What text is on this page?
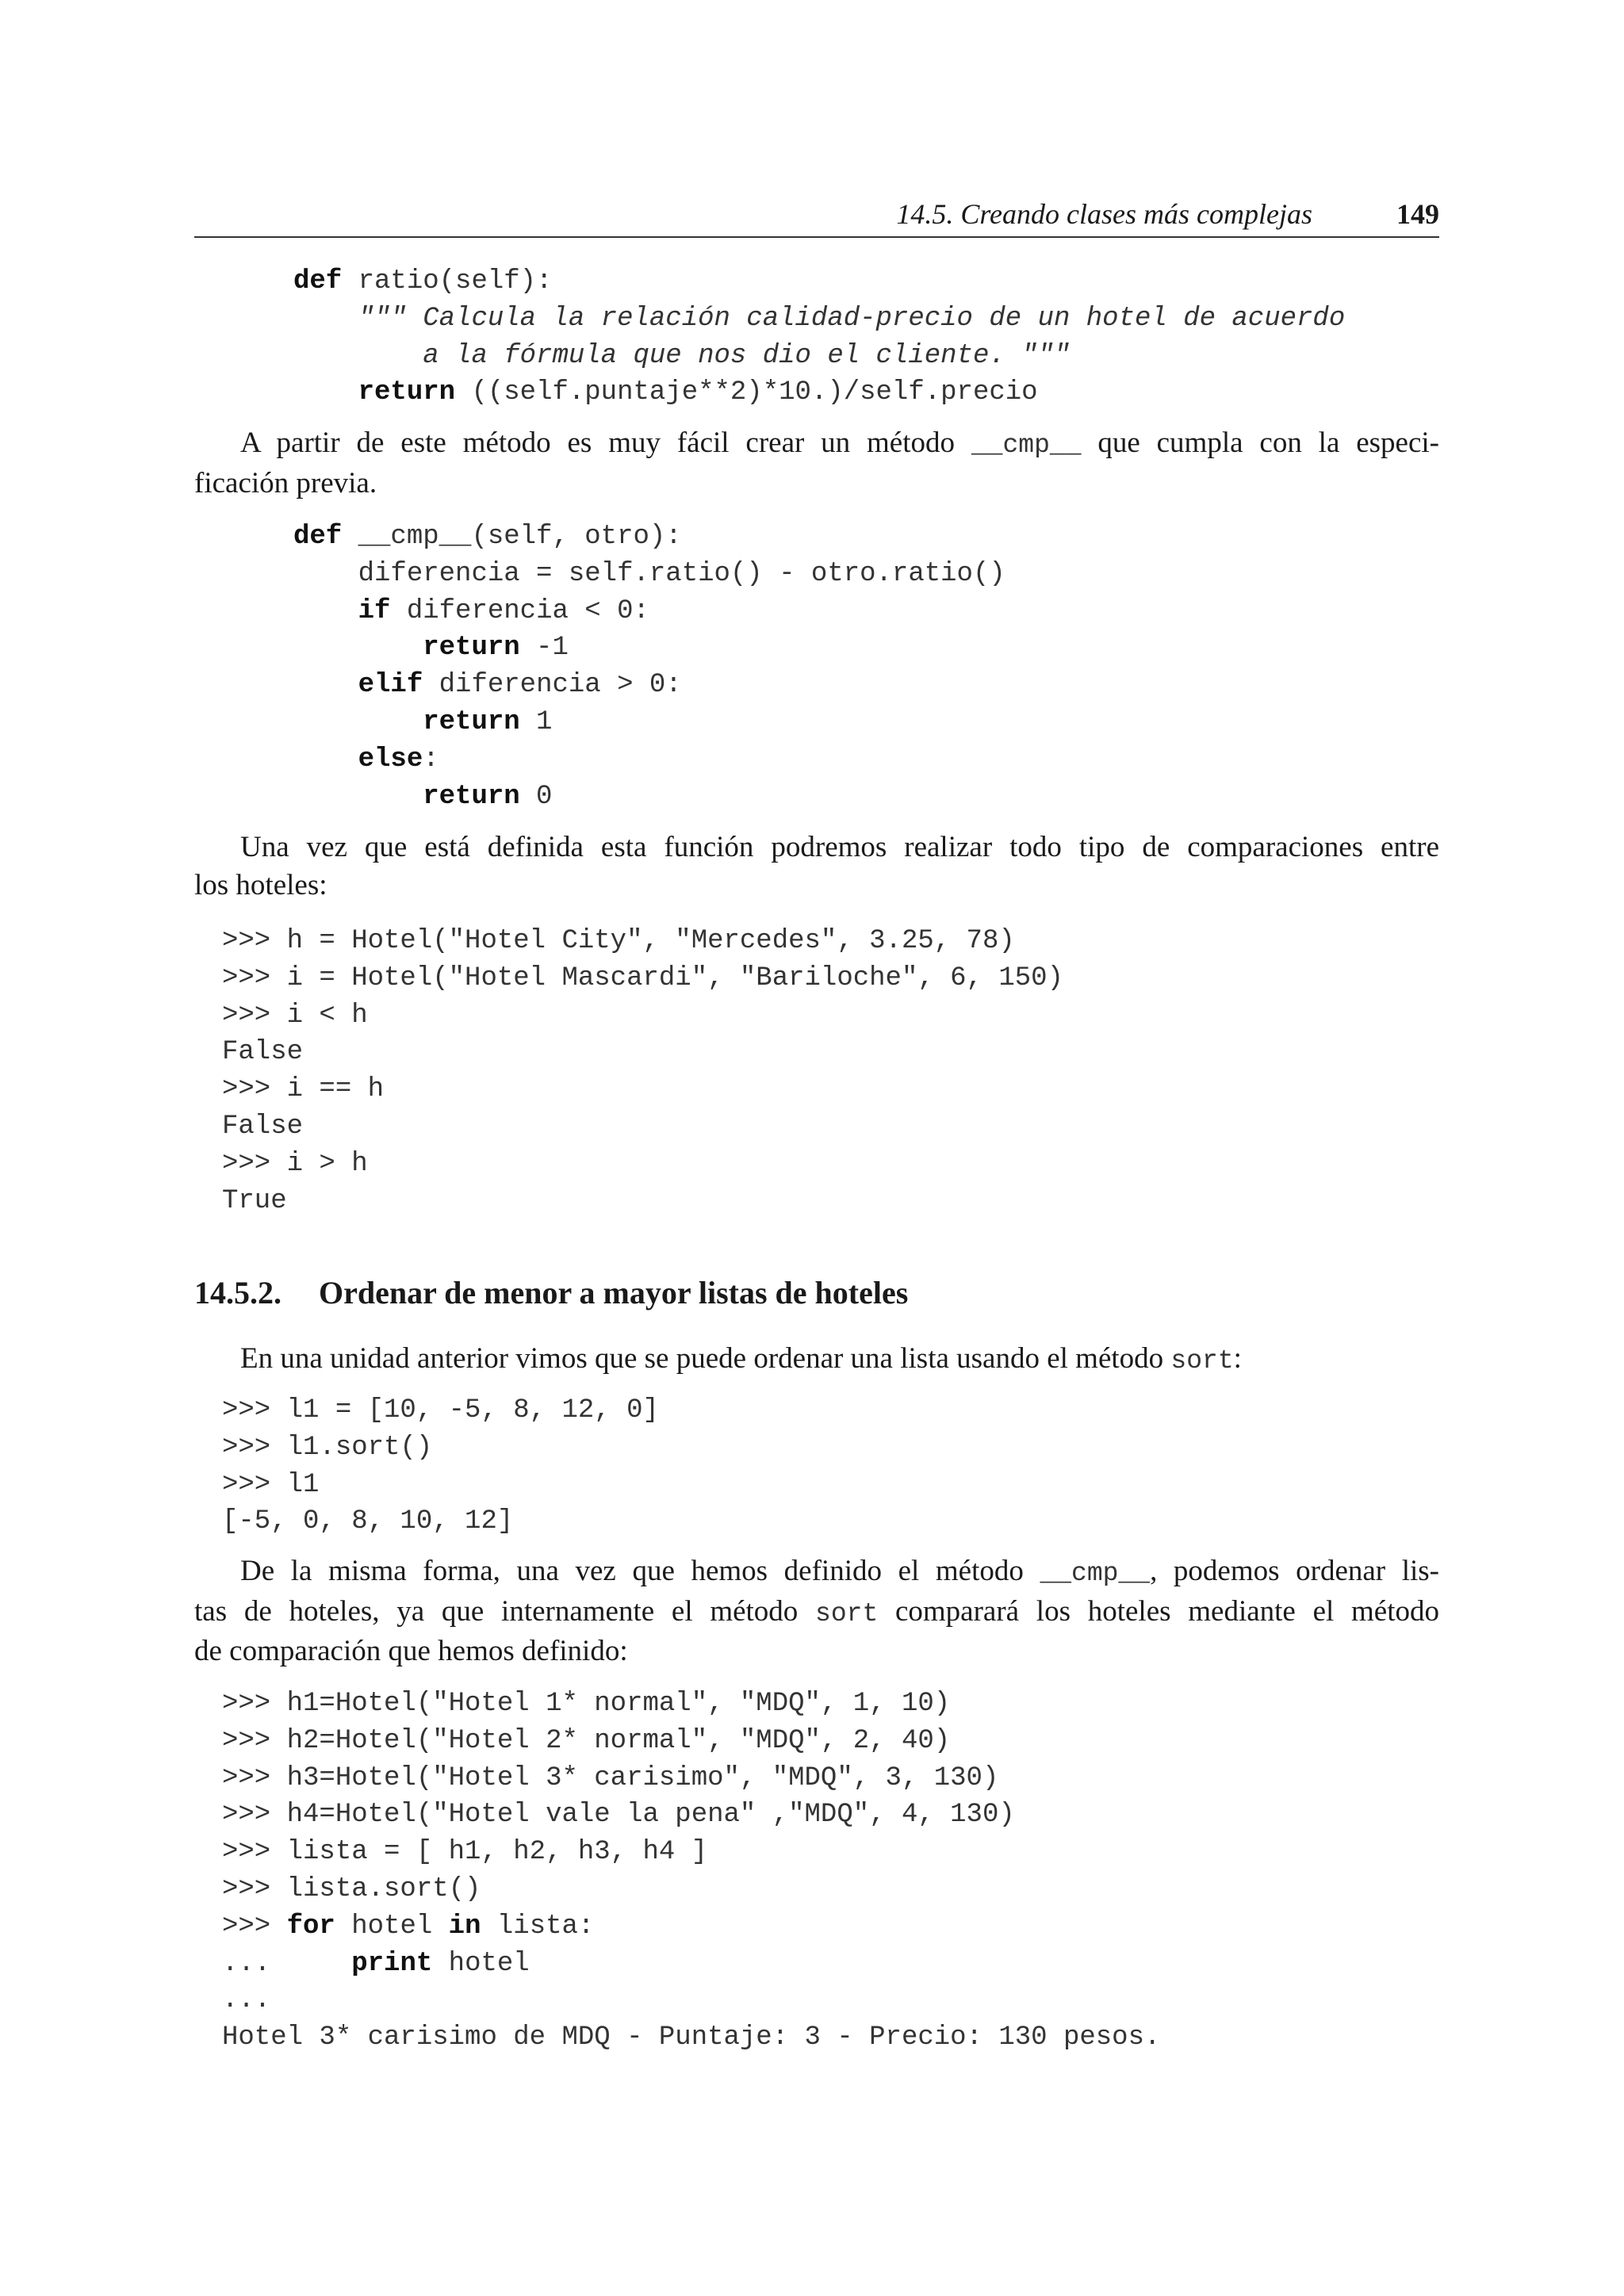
14.5. Creando clases más complejas	149
def ratio(self):
""" Calcula la relación calidad-precio de un hotel de acuerdo
a la fórmula que nos dio el cliente. """
return ((self.puntaje**2)*10.)/self.precio

A partir de este método es muy fácil crear un método __cmp__ que cumpla con la especi-
ficación previa.

def __cmp__(self, otro):
diferencia = self.ratio() - otro.ratio()
if diferencia < 0:
return -1
elif diferencia > 0:
return 1
else:
return 0

Una vez que está definida esta función podremos realizar todo tipo de comparaciones entre
los hoteles:

>>> h = Hotel("Hotel City", "Mercedes", 3.25, 78)
>>> i = Hotel("Hotel Mascardi", "Bariloche", 6, 150)
>>> i < h
False
>>> i == h
False
>>> i > h
True
14.5.2. Ordenar de menor a mayor listas de hoteles

En una unidad anterior vimos que se puede ordenar una lista usando el método sort:

>>> l1 = [10, -5, 8, 12, 0]
>>> l1.sort()
>>> l1
[-5, 0, 8, 10, 12]

De la misma forma, una vez que hemos definido el método __cmp__, podemos ordenar lis-
tas de hoteles, ya que internamente el método sort comparará los hoteles mediante el método
de comparación que hemos definido:

>>> h1=Hotel("Hotel 1* normal", "MDQ", 1, 10)
>>> h2=Hotel("Hotel 2* normal", "MDQ", 2, 40)
>>> h3=Hotel("Hotel 3* carisimo", "MDQ", 3, 130)
>>> h4=Hotel("Hotel vale la pena" ,"MDQ", 4, 130)
>>> lista = [ h1, h2, h3, h4 ]
>>> lista.sort()
>>> for hotel in lista:
...     print hotel
...
Hotel 3* carisimo de MDQ - Puntaje: 3 - Precio: 130 pesos.
